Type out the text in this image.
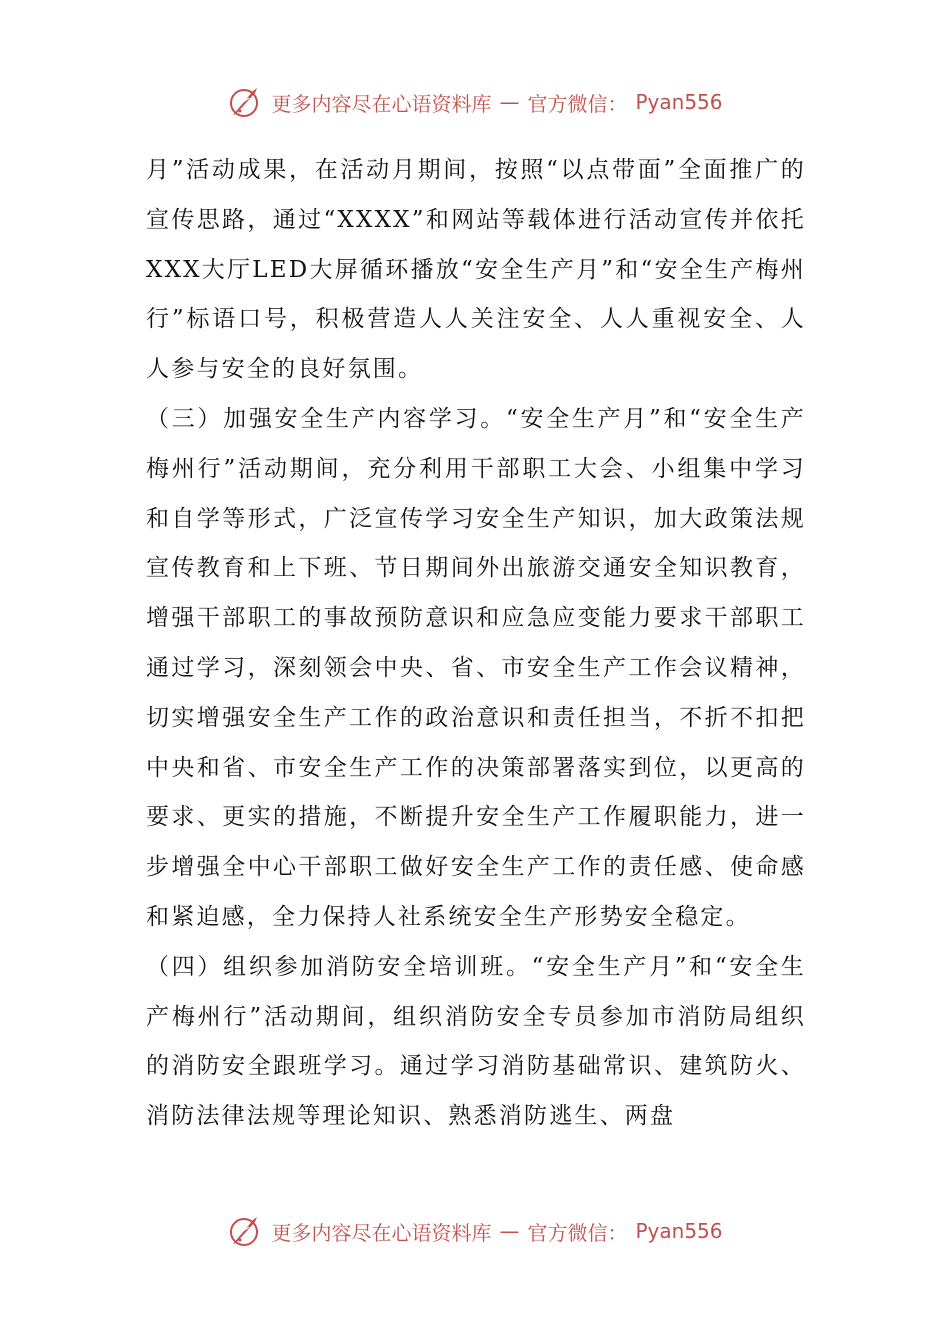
更多内容尽在心语资料库 — 官方微信： Pyan556

月”活动成果，在活动月期间，按照“以点带面”全面推广的宣传思路，通过“XXXX”和网站等载体进行活动宣传并依托XXX大厅LED大屏循环播放“安全生产月”和“安全生产梅州行”标语口号，积极营造人人关注安全、人人重视安全、人人参与安全的良好氛围。

（三）加强安全生产内容学习。“安全生产月”和“安全生产梅州行”活动期间，充分利用干部职工大会、小组集中学习和自学等形式，广泛宣传学习安全生产知识，加大政策法规宣传教育和上下班、节日期间外出旅游交通安全知识教育，增强干部职工的事故预防意识和应急应变能力要求干部职工通过学习，深刻领会中央、省、市安全生产工作会议精神，切实增强安全生产工作的政治意识和责任担当，不折不扣把中央和省、市安全生产工作的决策部署落实到位，以更高的要求、更实的措施，不断提升安全生产工作履职能力，进一步增强全中心干部职工做好安全生产工作的责任感、使命感和紧迫感，全力保持人社系统安全生产形势安全稳定。

（四）组织参加消防安全培训班。“安全生产月”和“安全生产梅州行”活动期间，组织消防安全专员参加市消防局组织的消防安全跟班学习。通过学习消防基础常识、建筑防火、消防法律法规等理论知识、熟悉消防逃生、两盘

更多内容尽在心语资料库 — 官方微信： Pyan556
